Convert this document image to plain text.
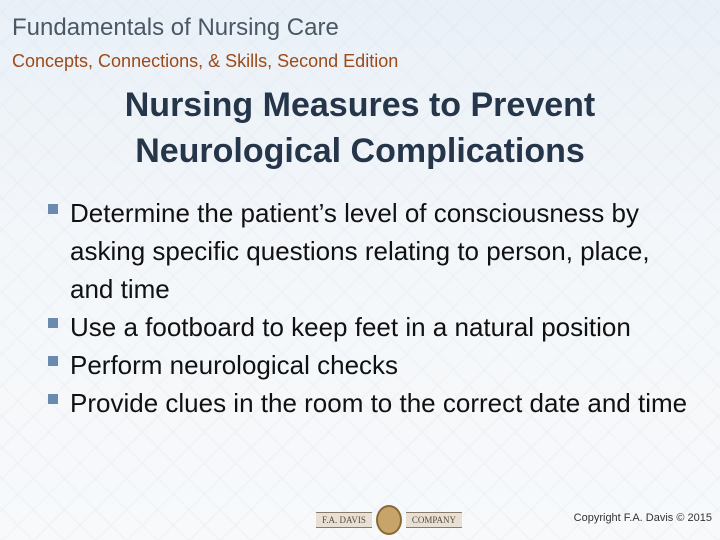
Fundamentals of Nursing Care
Concepts, Connections, & Skills, Second Edition
Nursing Measures to Prevent
Neurological Complications
Determine the patient’s level of consciousness by asking specific questions relating to person, place, and time
Use a footboard to keep feet in a natural position
Perform neurological checks
Provide clues in the room to the correct date and time
F.A. DAVIS	COMPANY	Copyright F.A. Davis © 2015
